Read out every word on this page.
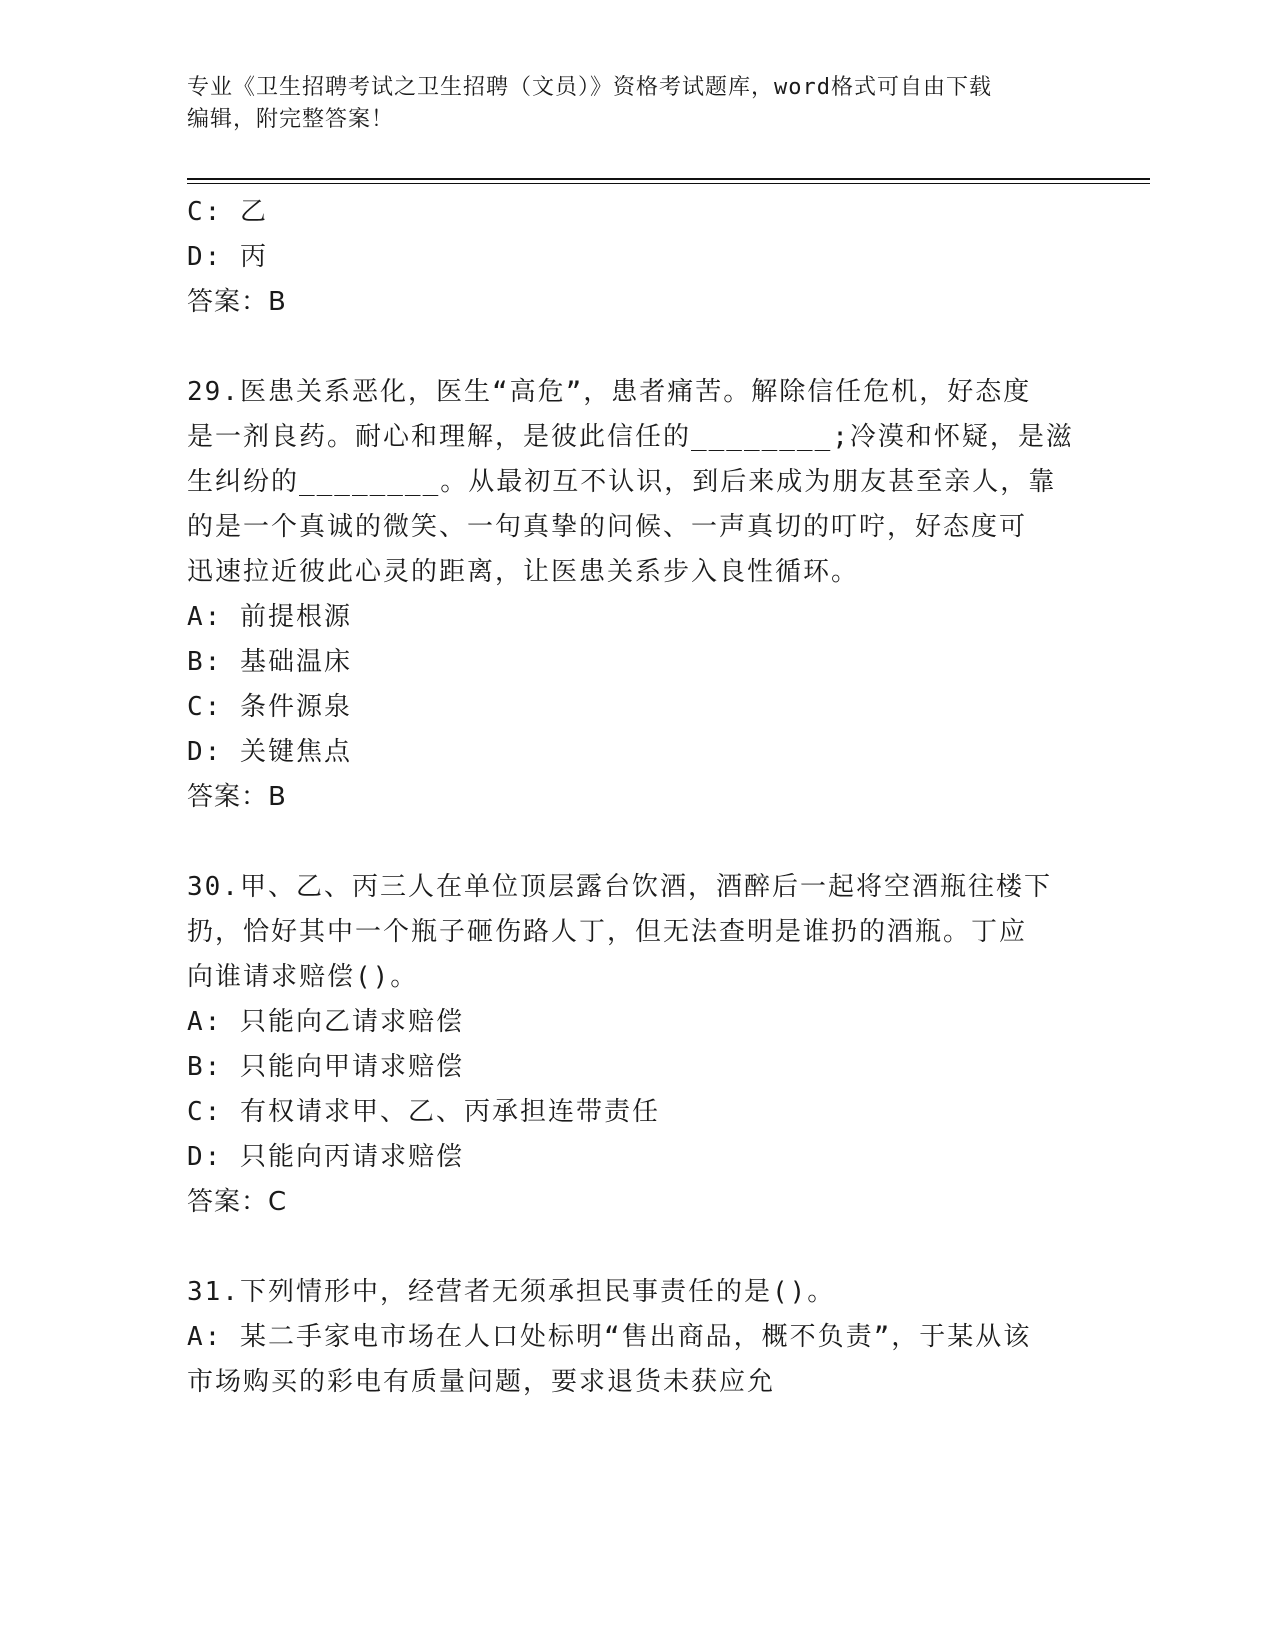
专业《卫生招聘考试之卫生招聘（文员）》资格考试题库，word格式可自由下载
编辑，附完整答案！
C: 乙
D: 丙
答案：B
29.医患关系恶化，医生“高危”，患者痛苦。解除信任危机，好态度
是一剂良药。耐心和理解，是彼此信任的________;冷漠和怀疑，是滋
生纠纷的________。从最初互不认识，到后来成为朋友甚至亲人，靠
的是一个真诚的微笑、一句真挚的问候、一声真切的叮咛，好态度可
迅速拉近彼此心灵的距离，让医患关系步入良性循环。
A: 前提根源
B: 基础温床
C: 条件源泉
D: 关键焦点
答案：B
30.甲、乙、丙三人在单位顶层露台饮酒，酒醉后一起将空酒瓶往楼下
扔，恰好其中一个瓶子砸伤路人丁，但无法查明是谁扔的酒瓶。丁应
向谁请求赔偿()。
A: 只能向乙请求赔偿
B: 只能向甲请求赔偿
C: 有权请求甲、乙、丙承担连带责任
D: 只能向丙请求赔偿
答案：C
31.下列情形中，经营者无须承担民事责任的是()。
A: 某二手家电市场在人口处标明“售出商品，概不负责”，于某从该
市场购买的彩电有质量问题，要求退货未获应允
